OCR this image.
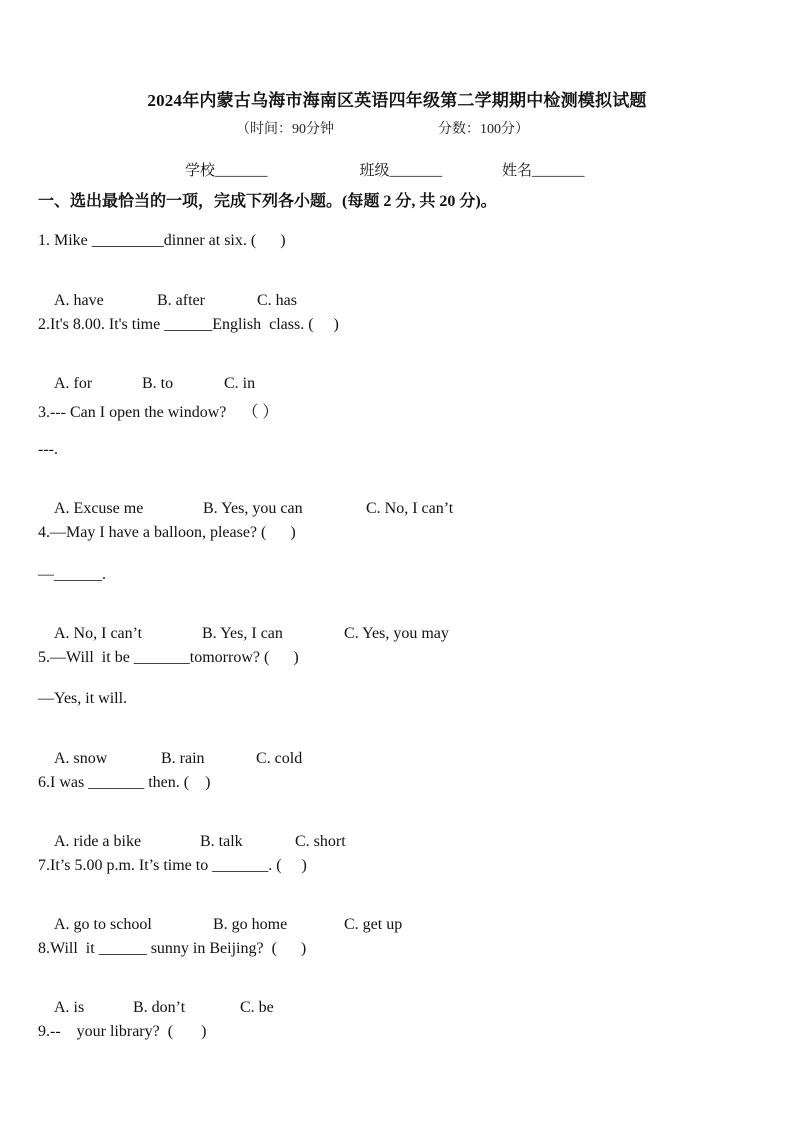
2024年内蒙古乌海市海南区英语四年级第二学期期中检测模拟试题
（时间：90分钟	分数：100分）
学校_______	班级_______	姓名_______
一、选出最恰当的一项，完成下列各小题。(每题 2 分, 共 20 分)。
1. Mike _________dinner at six. (      )

A. have	B. after	C. has

2.It's 8.00. It's time ______English  class. (     )

A. for	B. to	C. in

3.--- Can I open the window?    （ ）
---.

A. Excuse me	B. Yes, you can	C. No, I can’t

4.—May I have a balloon, please? (      )
—______.

A. No, I can’t	B. Yes, I can	C. Yes, you may

5.—Will  it be _______tomorrow? (      )
—Yes, it will.

A. snow	B. rain	C. cold

6.I was _______ then. (    )

A. ride a bike	B. talk	C. short

7.It’s 5.00 p.m. It’s time to _______. (     )

A. go to school	B. go home	C. get up

8.Will  it ______ sunny in Beijing?  (      )

A. is	B. don’t	C. be

9.--    your library?  (       )
